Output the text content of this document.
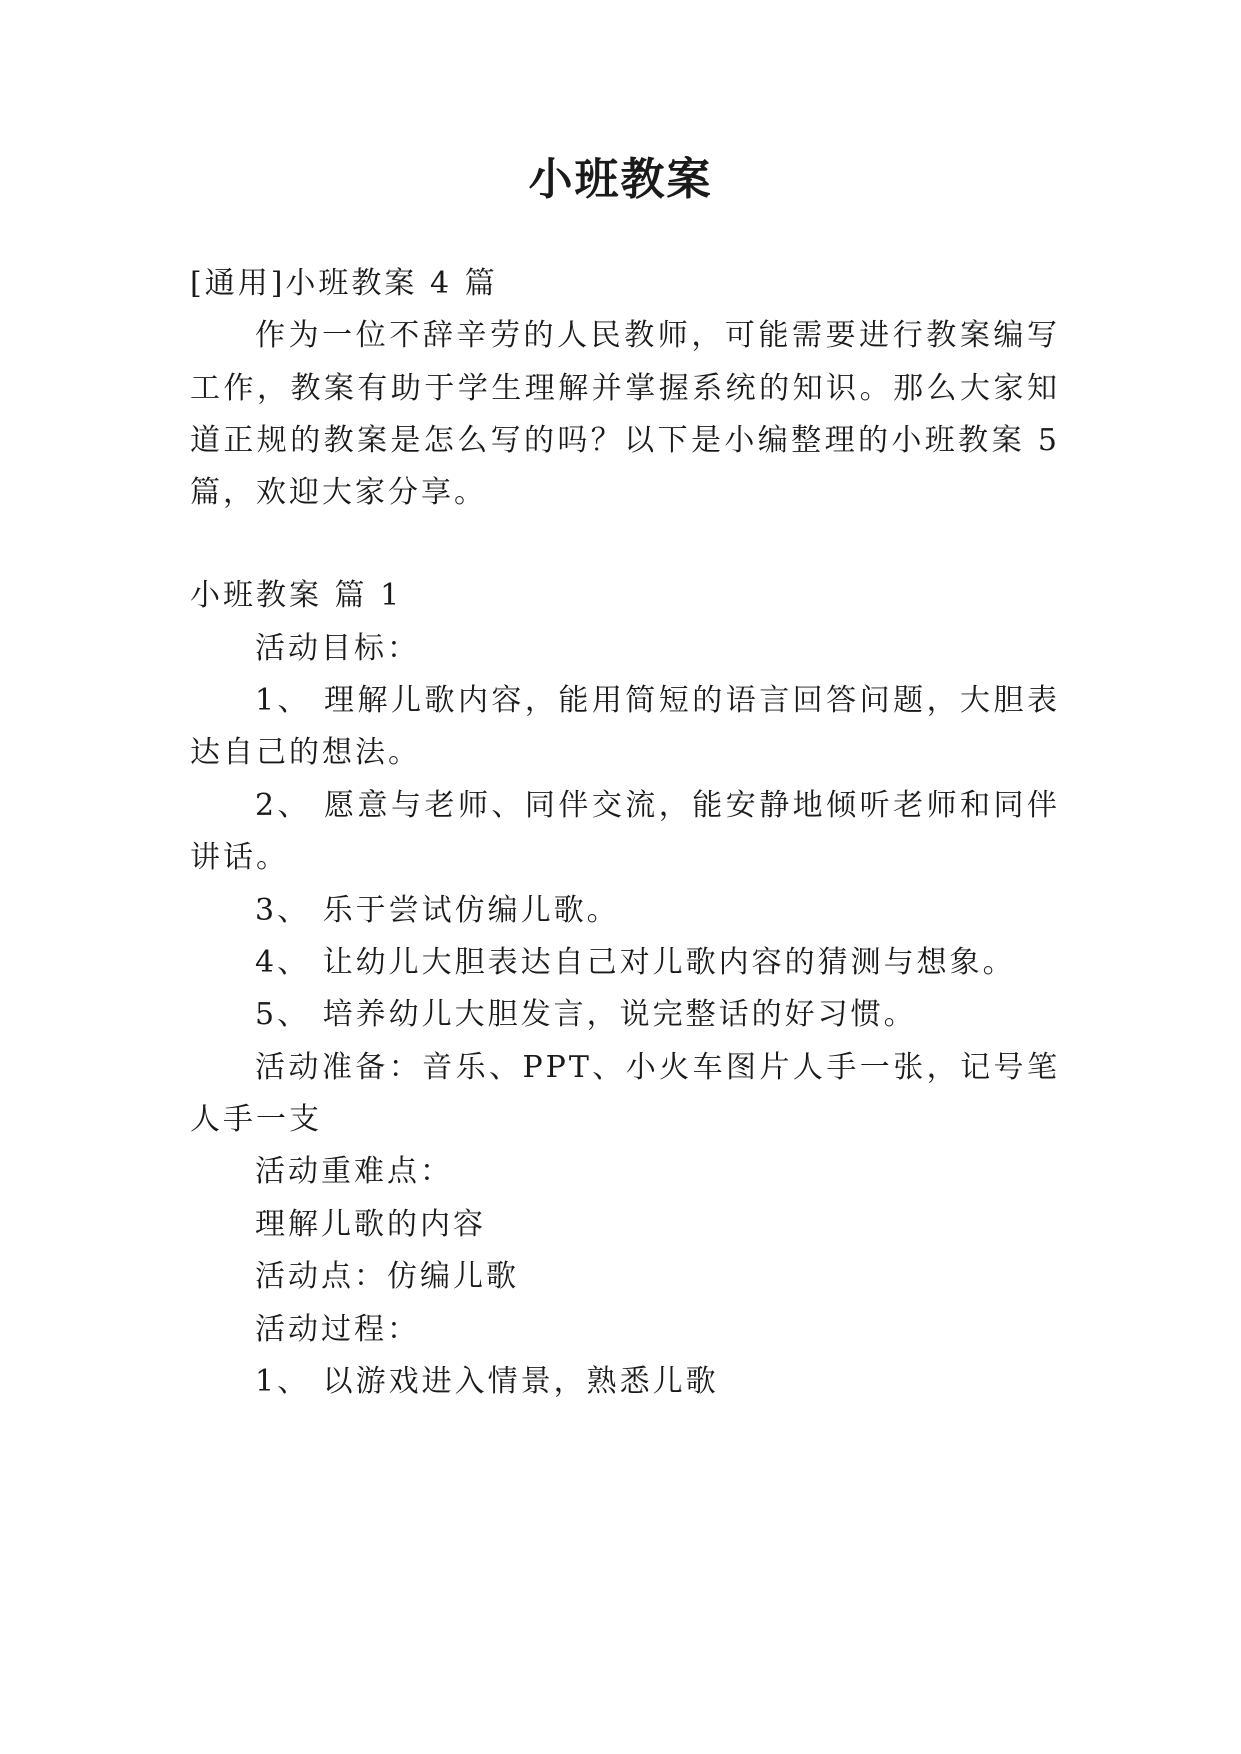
小班教案
[通用]小班教案 4 篇
作为一位不辞辛劳的人民教师，可能需要进行教案编写
工作，教案有助于学生理解并掌握系统的知识。那么大家知
道正规的教案是怎么写的吗？以下是小编整理的小班教案 5
篇，欢迎大家分享。
小班教案 篇 1
活动目标：
1、 理解儿歌内容，能用简短的语言回答问题，大胆表
达自己的想法。
2、 愿意与老师、同伴交流，能安静地倾听老师和同伴
讲话。
3、 乐于尝试仿编儿歌。
4、 让幼儿大胆表达自己对儿歌内容的猜测与想象。
5、 培养幼儿大胆发言，说完整话的好习惯。
活动准备：音乐、PPT、小火车图片人手一张，记号笔
人手一支
活动重难点：
理解儿歌的内容
活动点：仿编儿歌
活动过程：
1、 以游戏进入情景，熟悉儿歌
